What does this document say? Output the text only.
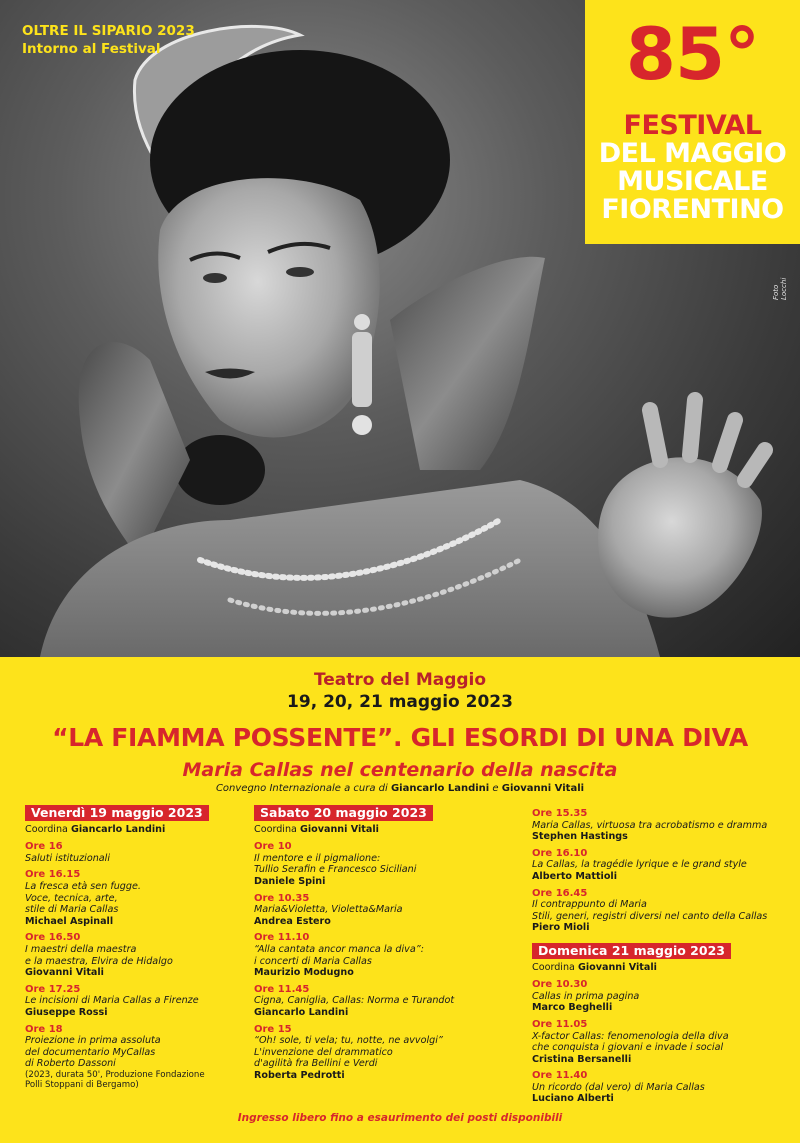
OLTRE IL SIPARIO 2023
Intorno al Festival	85°
FESTIVAL
DEL MAGGIO
MUSICALE
FIORENTINO
Foto Locchi
Teatro del Maggio
19, 20, 21 maggio 2023
“LA FIAMMA POSSENTE”. GLI ESORDI DI UNA DIVA
Maria Callas nel centenario della nascita
Convegno Internazionale a cura di Giancarlo Landini e Giovanni Vitali
Venerdì 19 maggio 2023
Coordina Giancarlo Landini
Ore 16
Saluti istituzionali
Ore 16.15
La fresca età sen fugge.
Voce, tecnica, arte,
stile di Maria Callas
Michael Aspinall
Ore 16.50
I maestri della maestra
e la maestra, Elvira de Hidalgo
Giovanni Vitali
Ore 17.25
Le incisioni di Maria Callas a Firenze
Giuseppe Rossi
Ore 18
Proiezione in prima assoluta
del documentario MyCallas
di Roberto Dassoni
(2023, durata 50', Produzione Fondazione
Polli Stoppani di Bergamo)
Sabato 20 maggio 2023
Coordina Giovanni Vitali
Ore 10
Il mentore e il pigmalione:
Tullio Serafin e Francesco Siciliani
Daniele Spini
Ore 10.35
Maria&Violetta, Violetta&Maria
Andrea Estero
Ore 11.10
“Alla cantata ancor manca la diva”:
i concerti di Maria Callas
Maurizio Modugno
Ore 11.45
Cigna, Caniglia, Callas: Norma e Turandot
Giancarlo Landini
Ore 15
“Oh! sole, ti vela; tu, notte, ne avvolgi”
L'invenzione del drammatico
d'agilità fra Bellini e Verdi
Roberta Pedrotti
Ore 15.35
Maria Callas, virtuosa tra acrobatismo e dramma
Stephen Hastings
Ore 16.10
La Callas, la tragédie lyrique e le grand style
Alberto Mattioli
Ore 16.45
Il contrappunto di Maria
Stili, generi, registri diversi nel canto della Callas
Piero Mioli
Domenica 21 maggio 2023
Coordina Giovanni Vitali
Ore 10.30
Callas in prima pagina
Marco Beghelli
Ore 11.05
X-factor Callas: fenomenologia della diva
che conquista i giovani e invade i social
Cristina Bersanelli
Ore 11.40
Un ricordo (dal vero) di Maria Callas
Luciano Alberti
Ingresso libero fino a esaurimento dei posti disponibili
